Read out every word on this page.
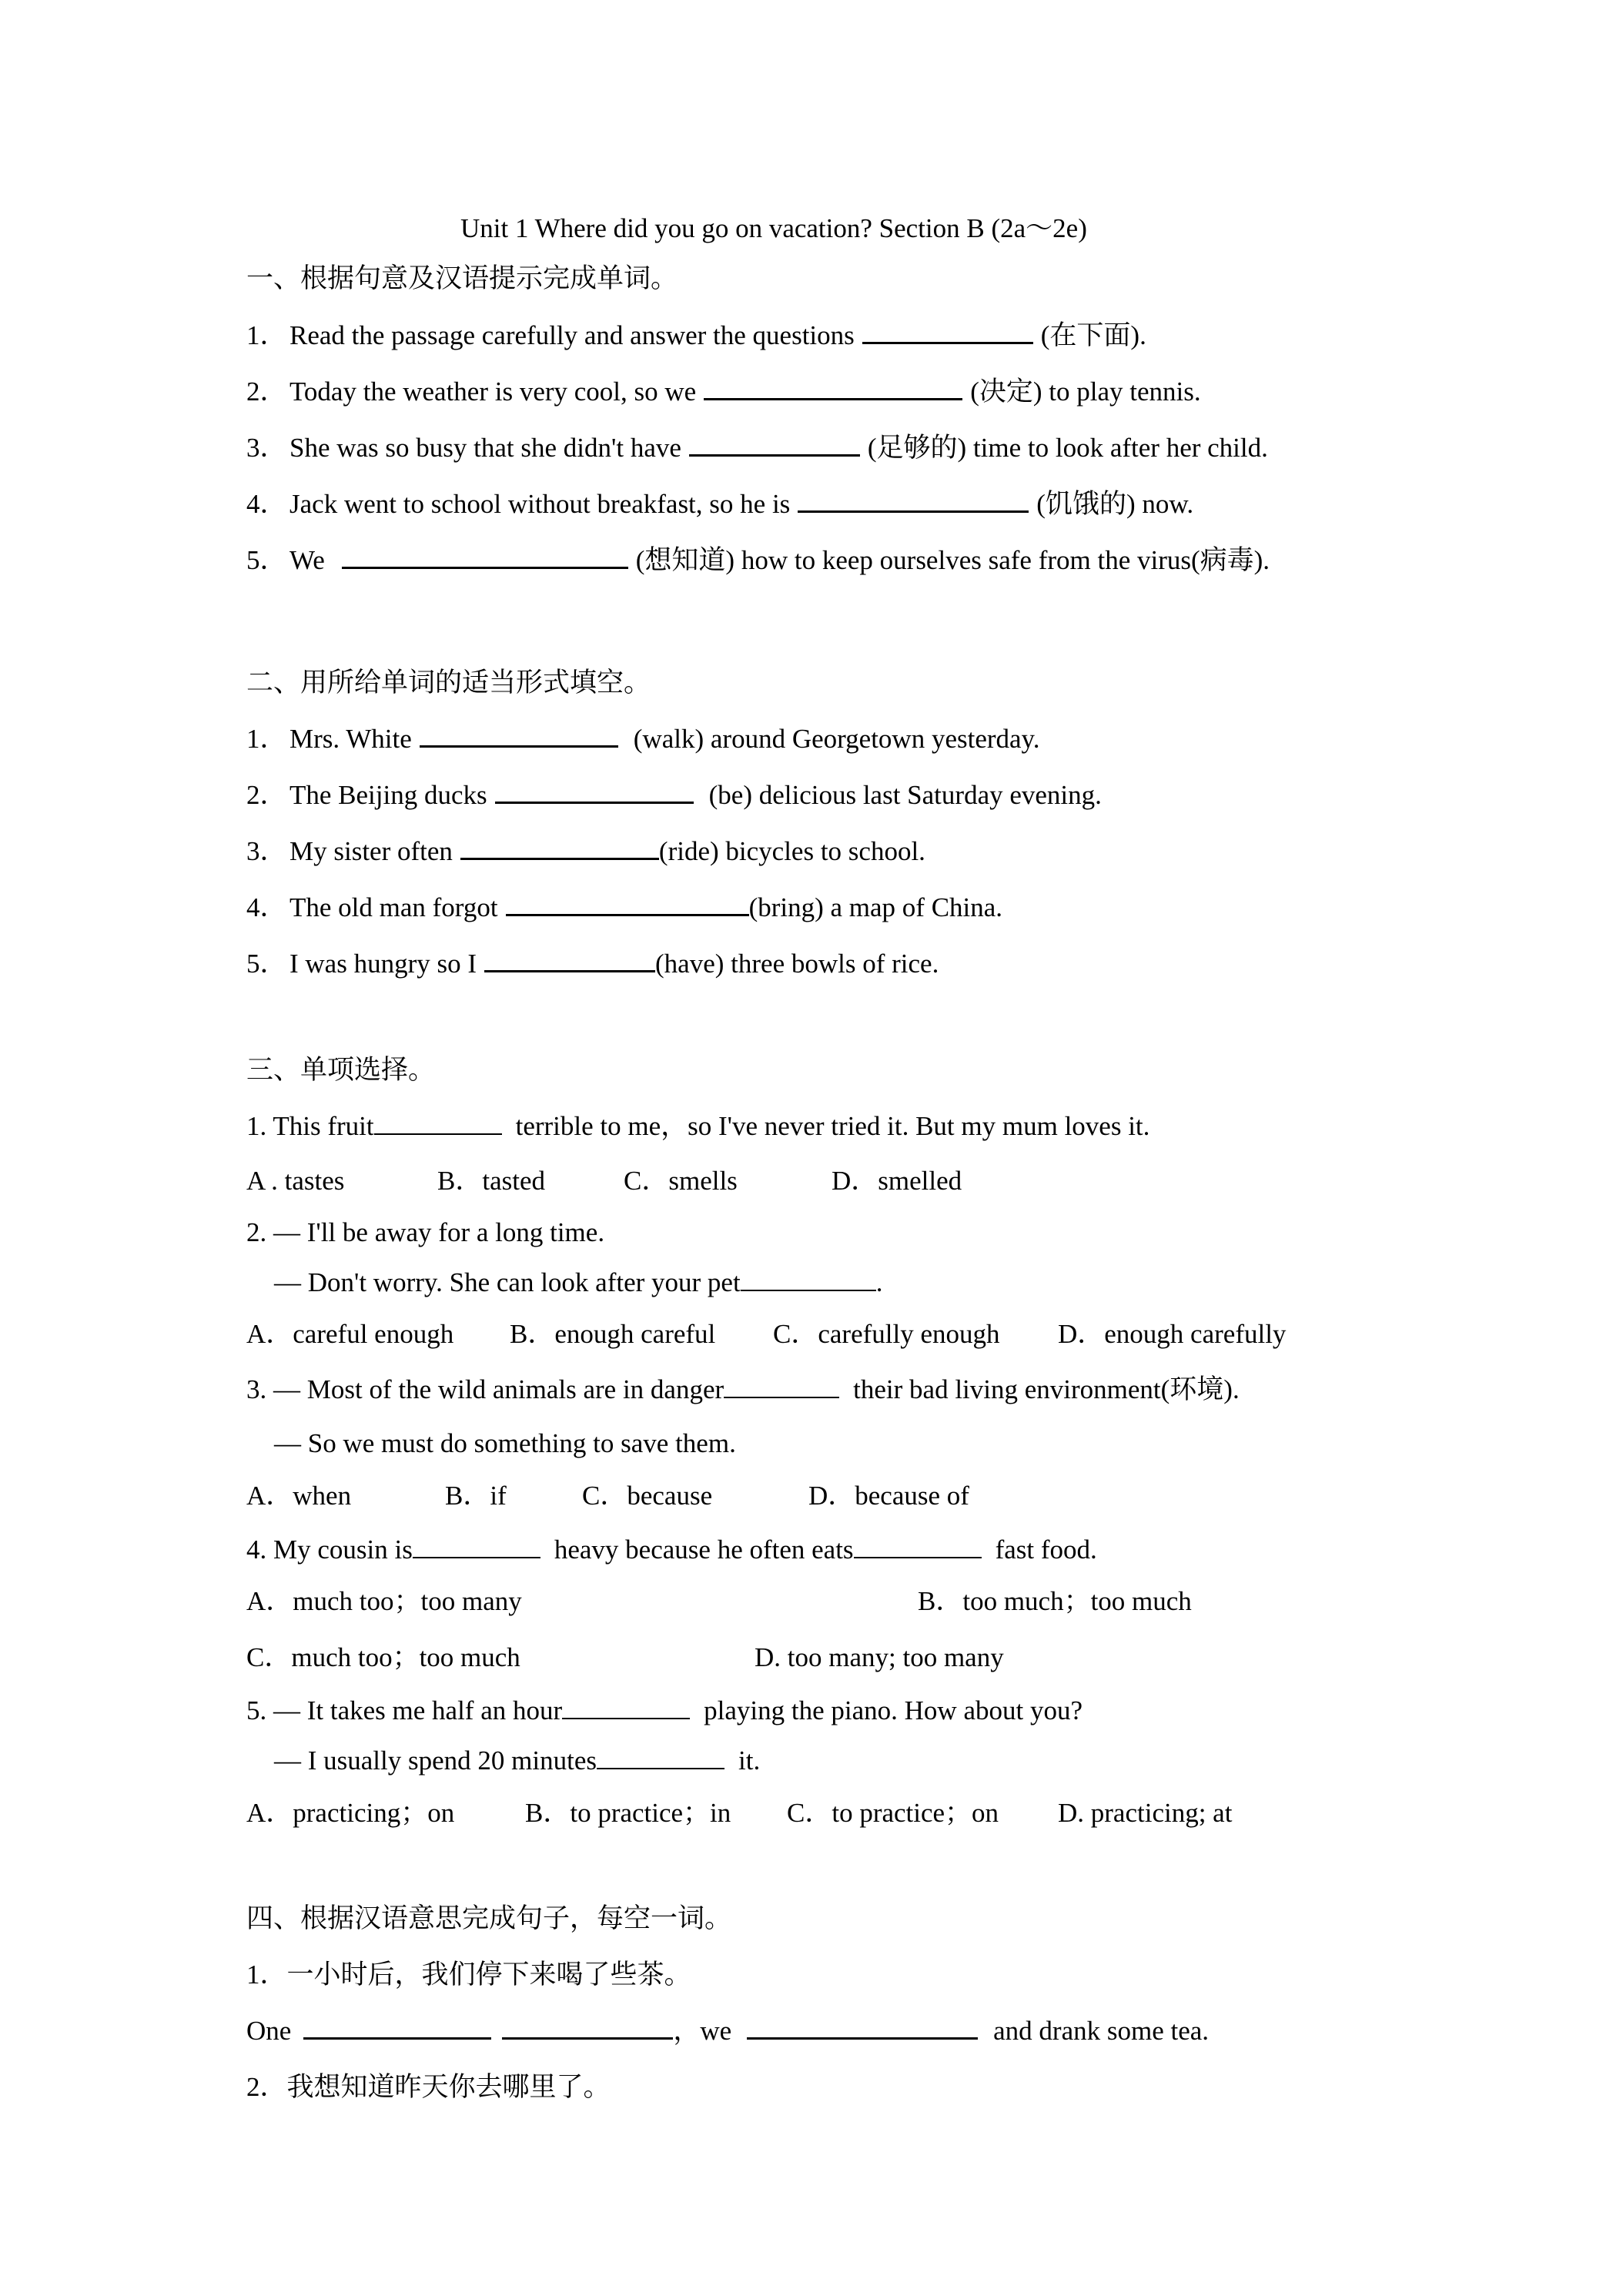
Unit 1 Where did you go on vacation? Section B (2a～2e)
一、根据句意及汉语提示完成单词。
1．Read the passage carefully and answer the questions	(在下面).
2．Today the weather is very cool, so we	(决定) to play tennis.
3．She was so busy that she didn't have	(足够的) time to look after her child.
4．Jack went to school without breakfast, so he is	(饥饿的) now.
5．We	(想知道) how to keep ourselves safe from the virus(病毒).
二、用所给单词的适当形式填空。
1．Mrs. White	(walk) around Georgetown yesterday.
2．The Beijing ducks	(be) delicious last Saturday evening.
3．My sister often	(ride) bicycles to school.
4．The old man forgot	(bring) a map of China.
5．I was hungry so I	(have) three bowls of rice.
三、单项选择。
1. This fruit	terrible to me，so I've never tried it. But my mum loves it.
A . tastes	B．tasted	C．smells	D．smelled
2. — I'll be away for a long time.
— Don't worry. She can look after your pet	.
A．careful enough B．enough careful C．carefully enough D．enough carefully
3. — Most of the wild animals are in danger	their bad living environment(环境).
— So we must do something to save them.
A．when	B．if	C．because	D．because of
4. My cousin is	heavy because he often eats	fast food.
A．much too；too many	B．too much；too much
C．much too；too much	D. too many; too many
5. — It takes me half an hour	playing the piano. How about you?
— I usually spend 20 minutes	it.
A．practicing；on	B．to practice；in C．to practice；on D. practicing; at
四、根据汉语意思完成句子，每空一词。
1．一小时后，我们停下来喝了些茶。
One	，we	and drank some tea.
2．我想知道昨天你去哪里了。
